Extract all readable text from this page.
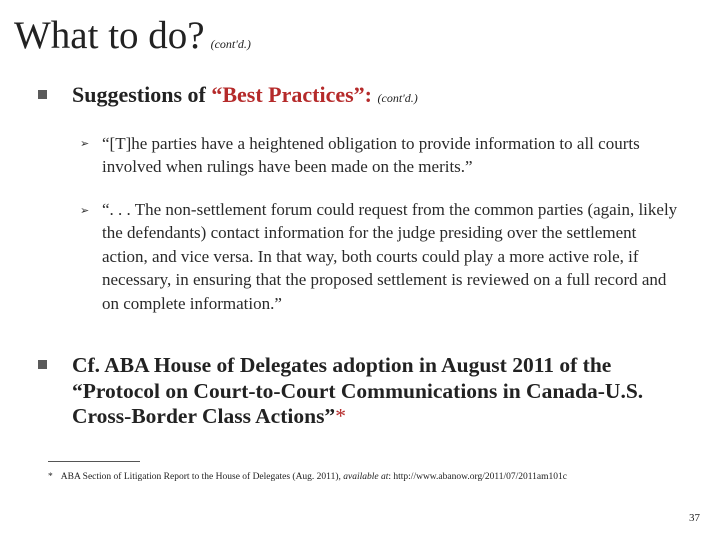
What to do? (cont'd.)
Suggestions of “Best Practices”: (cont'd.)
➢ “[T]he parties have a heightened obligation to provide information to all courts involved when rulings have been made on the merits.”
➢ “. . . The non-settlement forum could request from the common parties (again, likely the defendants) contact information for the judge presiding over the settlement action, and vice versa. In that way, both courts could play a more active role, if necessary, in ensuring that the proposed settlement is reviewed on a full record and on complete information.”
Cf. ABA House of Delegates adoption in August 2011 of the “Protocol on Court-to-Court Communications in Canada-U.S. Cross-Border Class Actions”*
* ABA Section of Litigation Report to the House of Delegates (Aug. 2011), available at: http://www.abanow.org/2011/07/2011am101c
37
